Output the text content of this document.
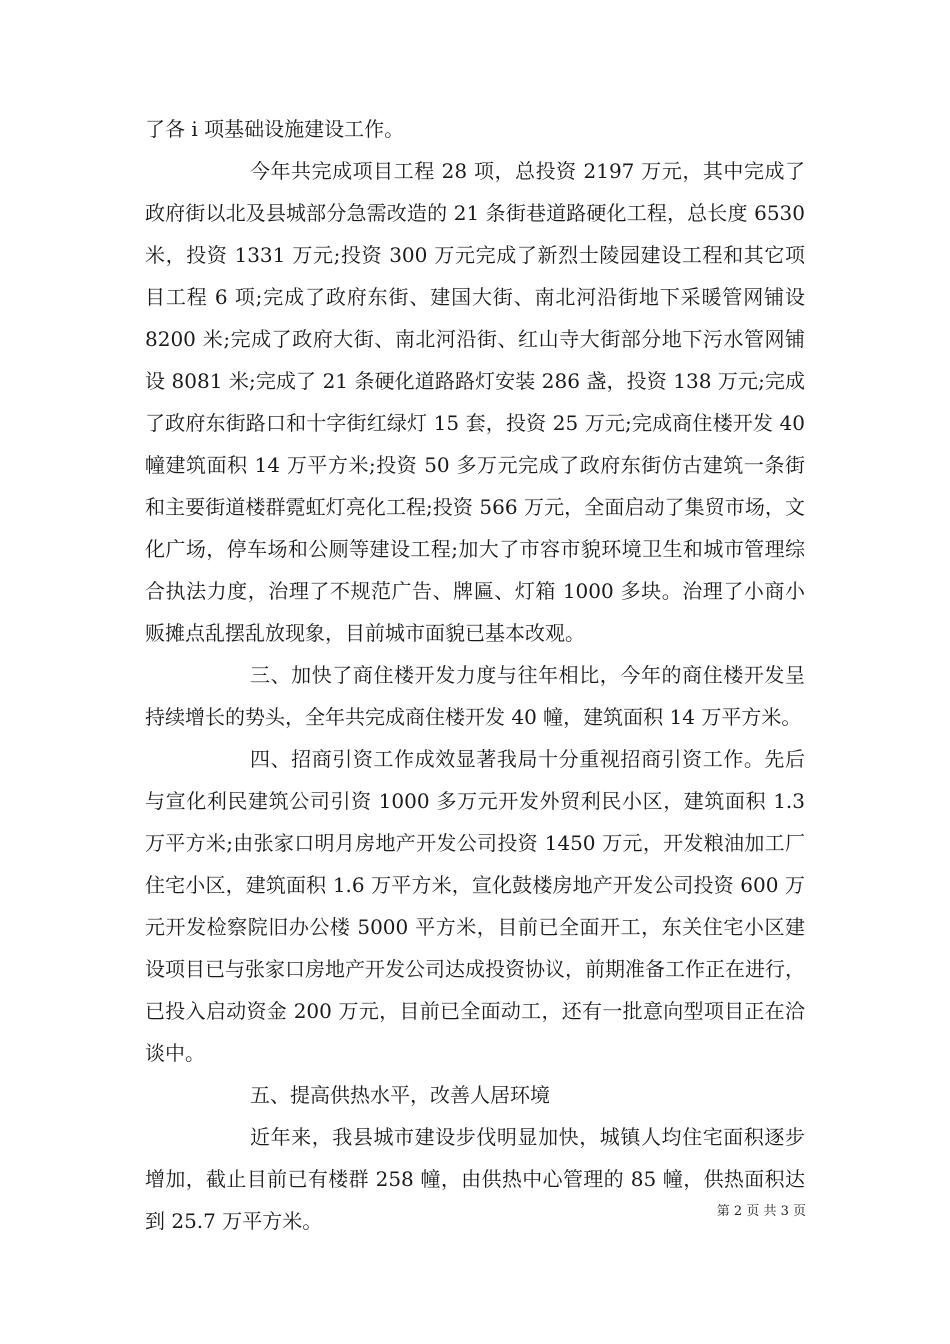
了各 i 项基础设施建设工作。

今年共完成项目工程 28 项，总投资 2197 万元，其中完成了政府街以北及县城部分急需改造的 21 条街巷道路硬化工程，总长度 6530 米，投资 1331 万元;投资 300 万元完成了新烈士陵园建设工程和其它项目工程 6 项;完成了政府东街、建国大街、南北河沿街地下采暖管网铺设 8200 米;完成了政府大街、南北河沿街、红山寺大街部分地下污水管网铺设 8081 米;完成了 21 条硬化道路路灯安装 286 盏，投资 138 万元;完成了政府东街路口和十字街红绿灯 15 套，投资 25 万元;完成商住楼开发 40 幢建筑面积 14 万平方米;投资 50 多万元完成了政府东街仿古建筑一条街和主要街道楼群霓虹灯亮化工程;投资 566 万元，全面启动了集贸市场，文化广场，停车场和公厕等建设工程;加大了市容市貌环境卫生和城市管理综合执法力度，治理了不规范广告、牌匾、灯箱 1000 多块。治理了小商小贩摊点乱摆乱放现象，目前城市面貌已基本改观。

三、加快了商住楼开发力度与往年相比，今年的商住楼开发呈持续增长的势头，全年共完成商住楼开发 40 幢，建筑面积 14 万平方米。

四、招商引资工作成效显著我局十分重视招商引资工作。先后与宣化利民建筑公司引资 1000 多万元开发外贸利民小区，建筑面积 1.3 万平方米;由张家口明月房地产开发公司投资 1450 万元，开发粮油加工厂住宅小区，建筑面积 1.6 万平方米，宣化鼓楼房地产开发公司投资 600 万元开发检察院旧办公楼 5000 平方米，目前已全面开工，东关住宅小区建设项目已与张家口房地产开发公司达成投资协议，前期准备工作正在进行，已投入启动资金 200 万元，目前已全面动工，还有一批意向型项目正在洽谈中。

五、提高供热水平，改善人居环境

近年来，我县城市建设步伐明显加快，城镇人均住宅面积逐步增加，截止目前已有楼群 258 幢，由供热中心管理的 85 幢，供热面积达到 25.7 万平方米。	第 2 页 共 3 页
